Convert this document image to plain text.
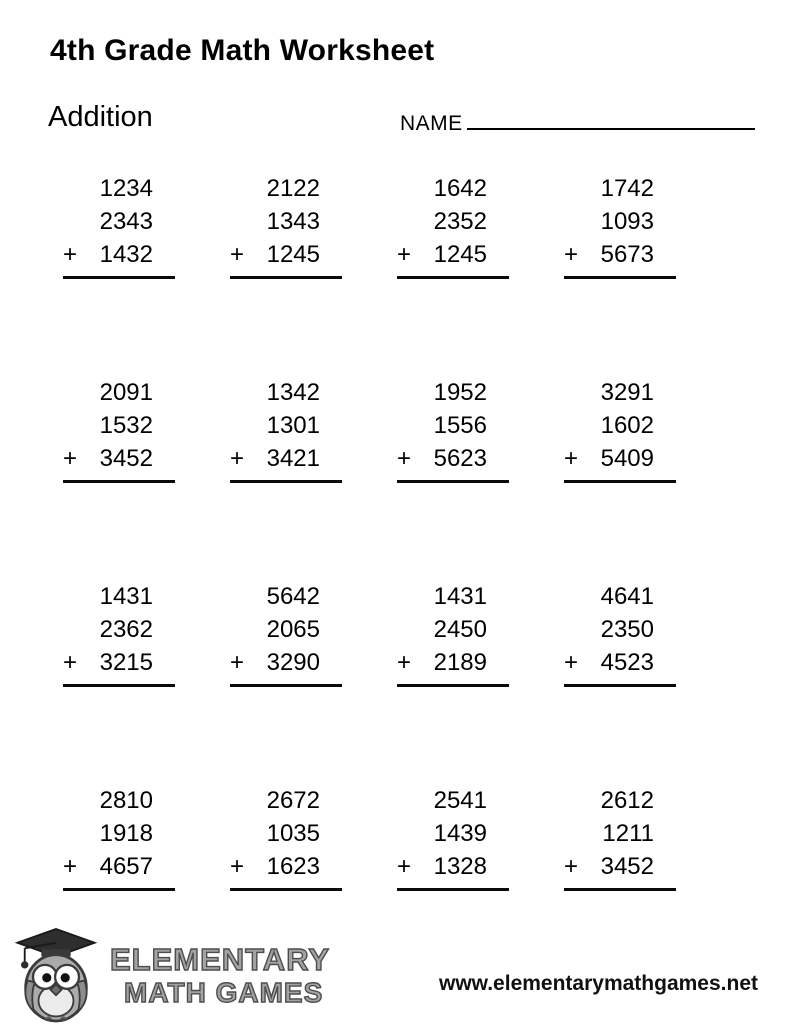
4th Grade Math Worksheet
Addition	NAME
1234
2343
+ 1432
2122
1343
+ 1245
1642
2352
+ 1245
1742
1093
+ 5673
2091
1532
+ 3452
1342
1301
+ 3421
1952
1556
+ 5623
3291
1602
+ 5409
1431
2362
+ 3215
5642
2065
+ 3290
1431
2450
+ 2189
4641
2350
+ 4523
2810
1918
+ 4657
2672
1035
+ 1623
2541
1439
+ 1328
2612
1211
+ 3452
ELEMENTARY
MATH GAMES	www.elementarymathgames.net
